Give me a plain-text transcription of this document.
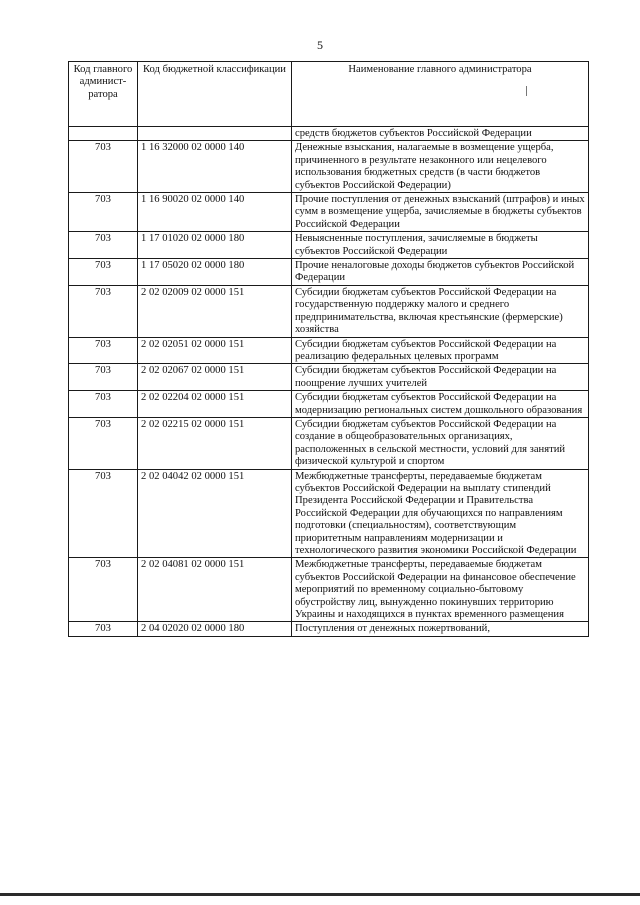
5
Код главного админист-ратора	Код бюджетной классификации	Наименование главного администратора
		средств бюджетов субъектов Российской Федерации
703	1 16 32000 02 0000 140	Денежные взыскания, налагаемые в возмещение ущерба, причиненного в результате незаконного или нецелевого использования бюджетных средств (в части бюджетов субъектов Российской Федерации)
703	1 16 90020 02 0000 140	Прочие поступления от денежных взысканий (штрафов) и иных сумм в возмещение ущерба, зачисляемые в бюджеты субъектов Российской Федерации
703	1 17 01020 02 0000 180	Невыясненные поступления, зачисляемые в бюджеты субъектов Российской Федерации
703	1 17 05020 02 0000 180	Прочие неналоговые доходы бюджетов субъектов Российской Федерации
703	2 02 02009 02 0000 151	Субсидии бюджетам субъектов Российской Федерации на государственную поддержку малого и среднего предпринимательства, включая крестьянские (фермерские) хозяйства
703	2 02 02051 02 0000 151	Субсидии бюджетам субъектов Российской Федерации на реализацию федеральных целевых программ
703	2 02 02067 02 0000 151	Субсидии бюджетам субъектов Российской Федерации на поощрение лучших учителей
703	2 02 02204 02 0000 151	Субсидии бюджетам субъектов Российской Федерации на модернизацию региональных систем дошкольного образования
703	2 02 02215 02 0000 151	Субсидии бюджетам субъектов Российской Федерации на создание в общеобразовательных организациях, расположенных в сельской местности, условий для занятий физической культурой и спортом
703	2 02 04042 02 0000 151	Межбюджетные трансферты, передаваемые бюджетам субъектов Российской Федерации на выплату стипендий Президента Российской Федерации и Правительства Российской Федерации для обучающихся по направлениям подготовки (специальностям), соответствующим приоритетным направлениям модернизации и технологического развития экономики Российской Федерации
703	2 02 04081 02 0000 151	Межбюджетные трансферты, передаваемые бюджетам субъектов Российской Федерации на финансовое обеспечение мероприятий по временному социально-бытовому обустройству лиц, вынужденно покинувших территорию Украины и находящихся в пунктах временного размещения
703	2 04 02020 02 0000 180	Поступления от денежных пожертвований,
